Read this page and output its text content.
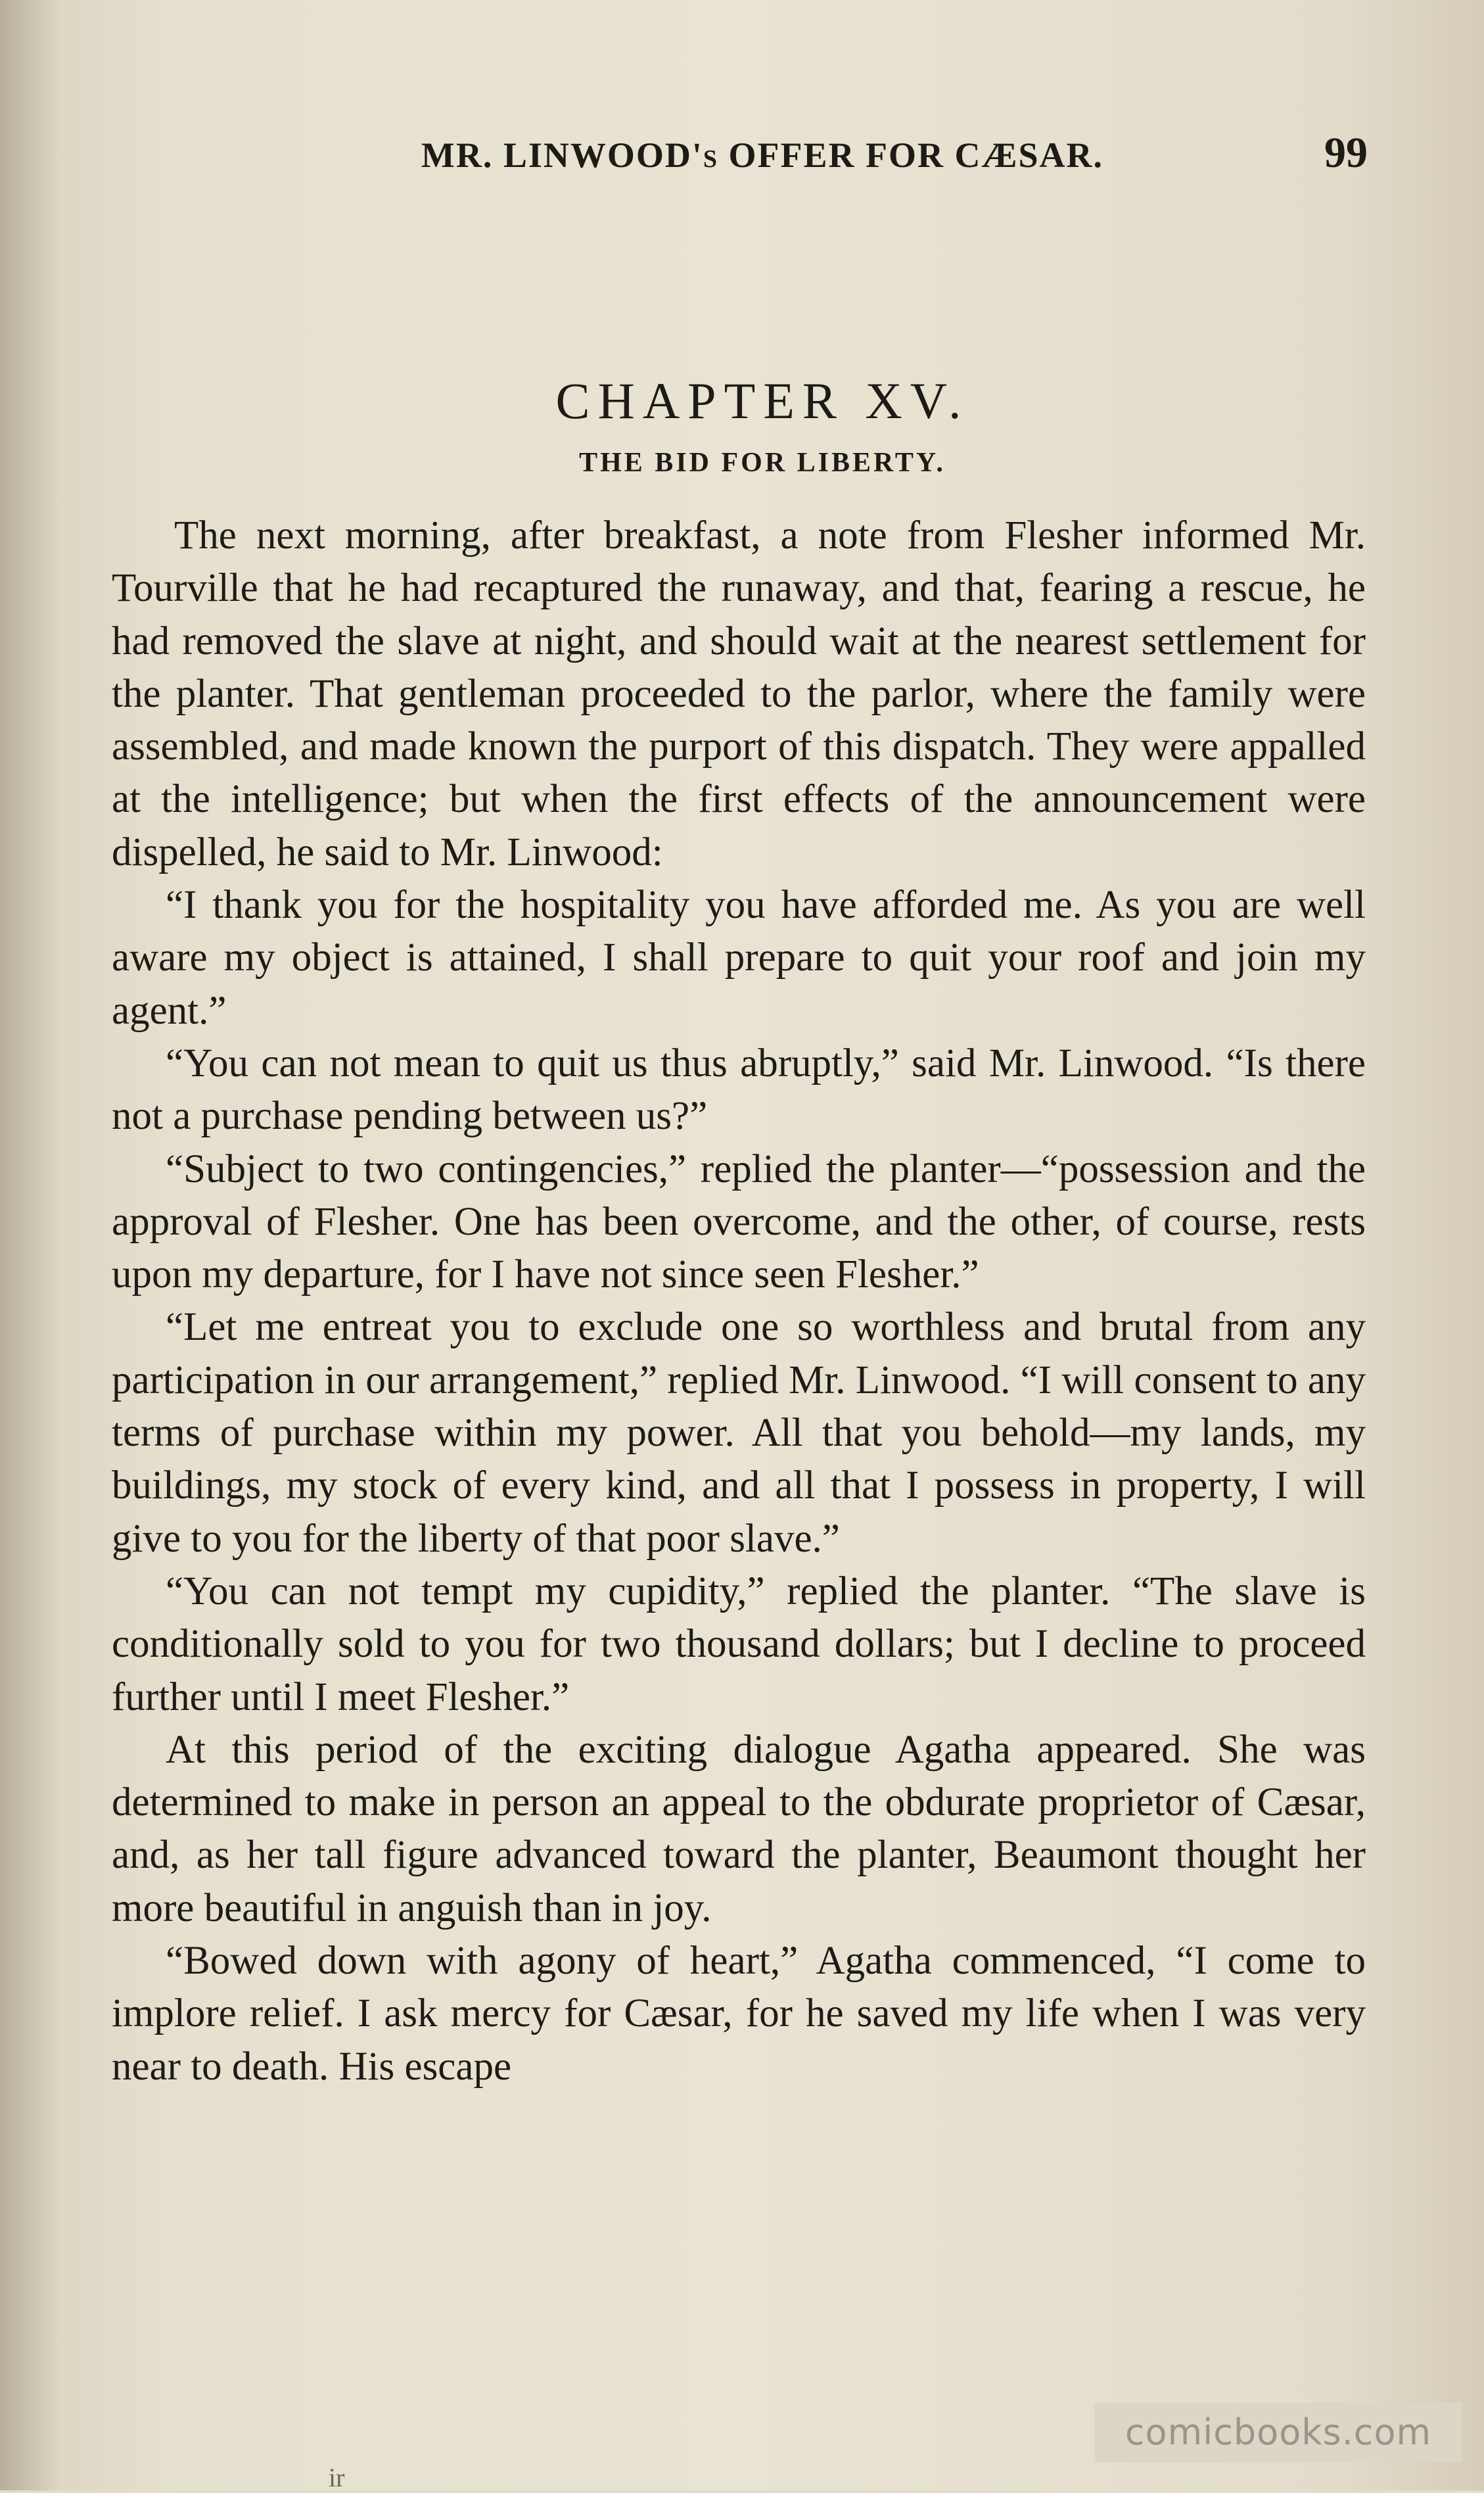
MR. LINWOOD's OFFER FOR CÆSAR.	99
CHAPTER XV.
THE BID FOR LIBERTY.

The next morning, after breakfast, a note from Flesher informed Mr. Tourville that he had recaptured the runaway, and that, fearing a rescue, he had removed the slave at night, and should wait at the nearest settlement for the planter. That gentleman proceeded to the parlor, where the family were assembled, and made known the purport of this dispatch. They were appalled at the intelligence; but when the first effects of the announcement were dispelled, he said to Mr. Linwood:

“I thank you for the hospitality you have afforded me. As you are well aware my object is attained, I shall prepare to quit your roof and join my agent.”

“You can not mean to quit us thus abruptly,” said Mr. Linwood. “Is there not a purchase pending between us?”

“Subject to two contingencies,” replied the planter—“possession and the approval of Flesher. One has been overcome, and the other, of course, rests upon my departure, for I have not since seen Flesher.”

“Let me entreat you to exclude one so worthless and brutal from any participation in our arrangement,” replied Mr. Linwood. “I will consent to any terms of purchase within my power. All that you behold—my lands, my buildings, my stock of every kind, and all that I possess in property, I will give to you for the liberty of that poor slave.”

“You can not tempt my cupidity,” replied the planter. “The slave is conditionally sold to you for two thousand dollars; but I decline to proceed further until I meet Flesher.”

At this period of the exciting dialogue Agatha appeared. She was determined to make in person an appeal to the obdurate proprietor of Cæsar, and, as her tall figure advanced toward the planter, Beaumont thought her more beautiful in anguish than in joy.

“Bowed down with agony of heart,” Agatha commenced, “I come to implore relief. I ask mercy for Cæsar, for he saved my life when I was very near to death. His escape

ir
comicbooks.com
